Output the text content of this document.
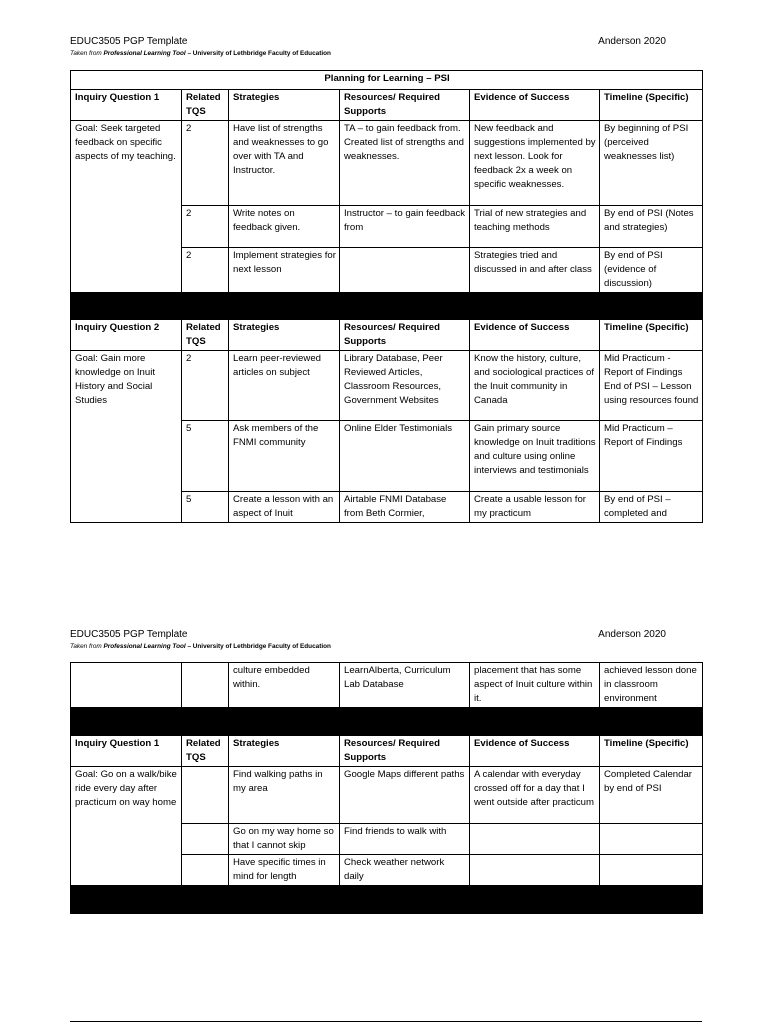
EDUC3505 PGP Template	Anderson 2020
Taken from Professional Learning Tool – University of Lethbridge Faculty of Education
Planning for Learning – PSI					
Inquiry Question 1	Related TQS	Strategies	Resources/ Required Supports	Evidence of Success	Timeline (Specific)
Goal: Seek targeted feedback on specific aspects of my teaching.	2	Have list of strengths and weaknesses to go over with TA and Instructor.	TA – to gain feedback from. Created list of strengths and weaknesses.	New feedback and suggestions implemented by next lesson. Look for feedback 2x a week on specific weaknesses.	By beginning of PSI (perceived weaknesses list)
	2	Write notes on feedback given.	Instructor – to gain feedback from	Trial of new strategies and teaching methods	By end of PSI (Notes and strategies)
	2	Implement strategies for next lesson		Strategies tried and discussed in and after class	By end of PSI (evidence of discussion)

Inquiry Question 2	Related TQS	Strategies	Resources/ Required Supports	Evidence of Success	Timeline (Specific)
Goal: Gain more knowledge on Inuit History and Social Studies	2	Learn peer-reviewed articles on subject	Library Database, Peer Reviewed Articles, Classroom Resources, Government Websites	Know the history, culture, and sociological practices of the Inuit community in Canada	Mid Practicum -Report of Findings End of PSI – Lesson using resources found
	5	Ask members of the FNMI community	Online Elder Testimonials	Gain primary source knowledge on Inuit traditions and culture using online interviews and testimonials	Mid Practicum – Report of Findings
	5	Create a lesson with an aspect of Inuit	Airtable FNMI Database from Beth Cormier,	Create a usable lesson for my practicum	By end of PSI – completed and
EDUC3505 PGP Template	Anderson 2020
Taken from Professional Learning Tool – University of Lethbridge Faculty of Education
		culture embedded within.	LearnAlberta, Curriculum Lab Database	placement that has some aspect of Inuit culture within it.	achieved lesson done in classroom environment

Inquiry Question 1	Related TQS	Strategies	Resources/ Required Supports	Evidence of Success	Timeline (Specific)
Goal: Go on a walk/bike ride every day after practicum on way home		Find walking paths in my area	Google Maps different paths	A calendar with everyday crossed off for a day that I went outside after practicum	Completed Calendar by end of PSI
		Go on my way home so that I cannot skip	Find friends to walk with		
		Have specific times in mind for length	Check weather network daily		
